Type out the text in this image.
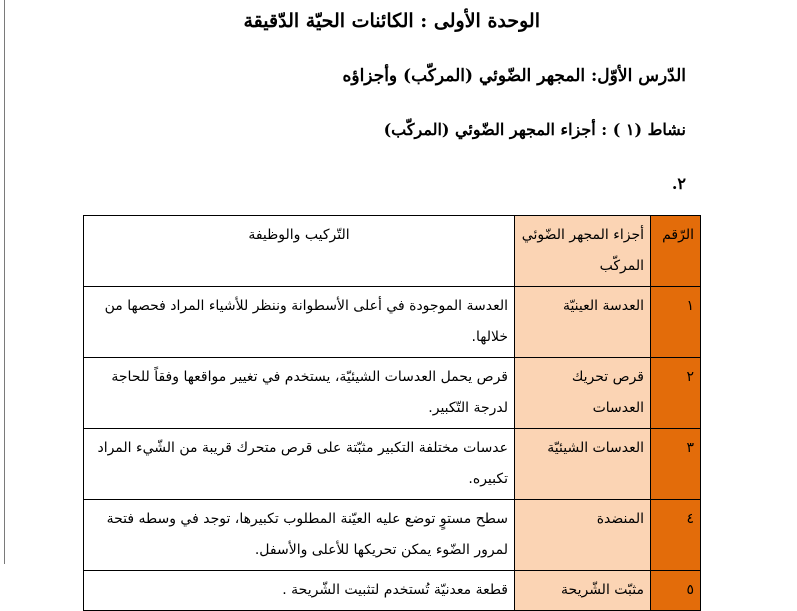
الوحدة الأولى : الكائنات الحيّة الدّقيقة
الدّرس الأوّل: المجهر الضّوئي (المركّب) وأجزاؤه
نشاط (١ ) : أجزاء المجهر الضّوئي (المركّب)
٢.
الرّقم	أجزاء المجهر الضّوئي المركّب	التّركيب والوظيفة
١	العدسة العينيّة	العدسة الموجودة في أعلى الأسطوانة وننظر للأشياء المراد فحصها من خلالها.
٢	قرص تحريك العدسات	قرص يحمل العدسات الشيئيّة، يستخدم في تغيير مواقعها وفقاً للحاجة لدرجة التّكبير.
٣	العدسات الشيئيّة	عدسات مختلفة التكبير مثبّتة على قرص متحرك قريبة من الشّيء المراد تكبيره.
٤	المنضدة	سطح مستوٍ توضع عليه العيّنة المطلوب تكبيرها، توجد في وسطه فتحة لمرور الضّوء يمكن تحريكها للأعلى والأسفل.
٥	مثبّت الشّريحة	قطعة معدنيّة تُستخدم لتثبيت الشّريحة .
